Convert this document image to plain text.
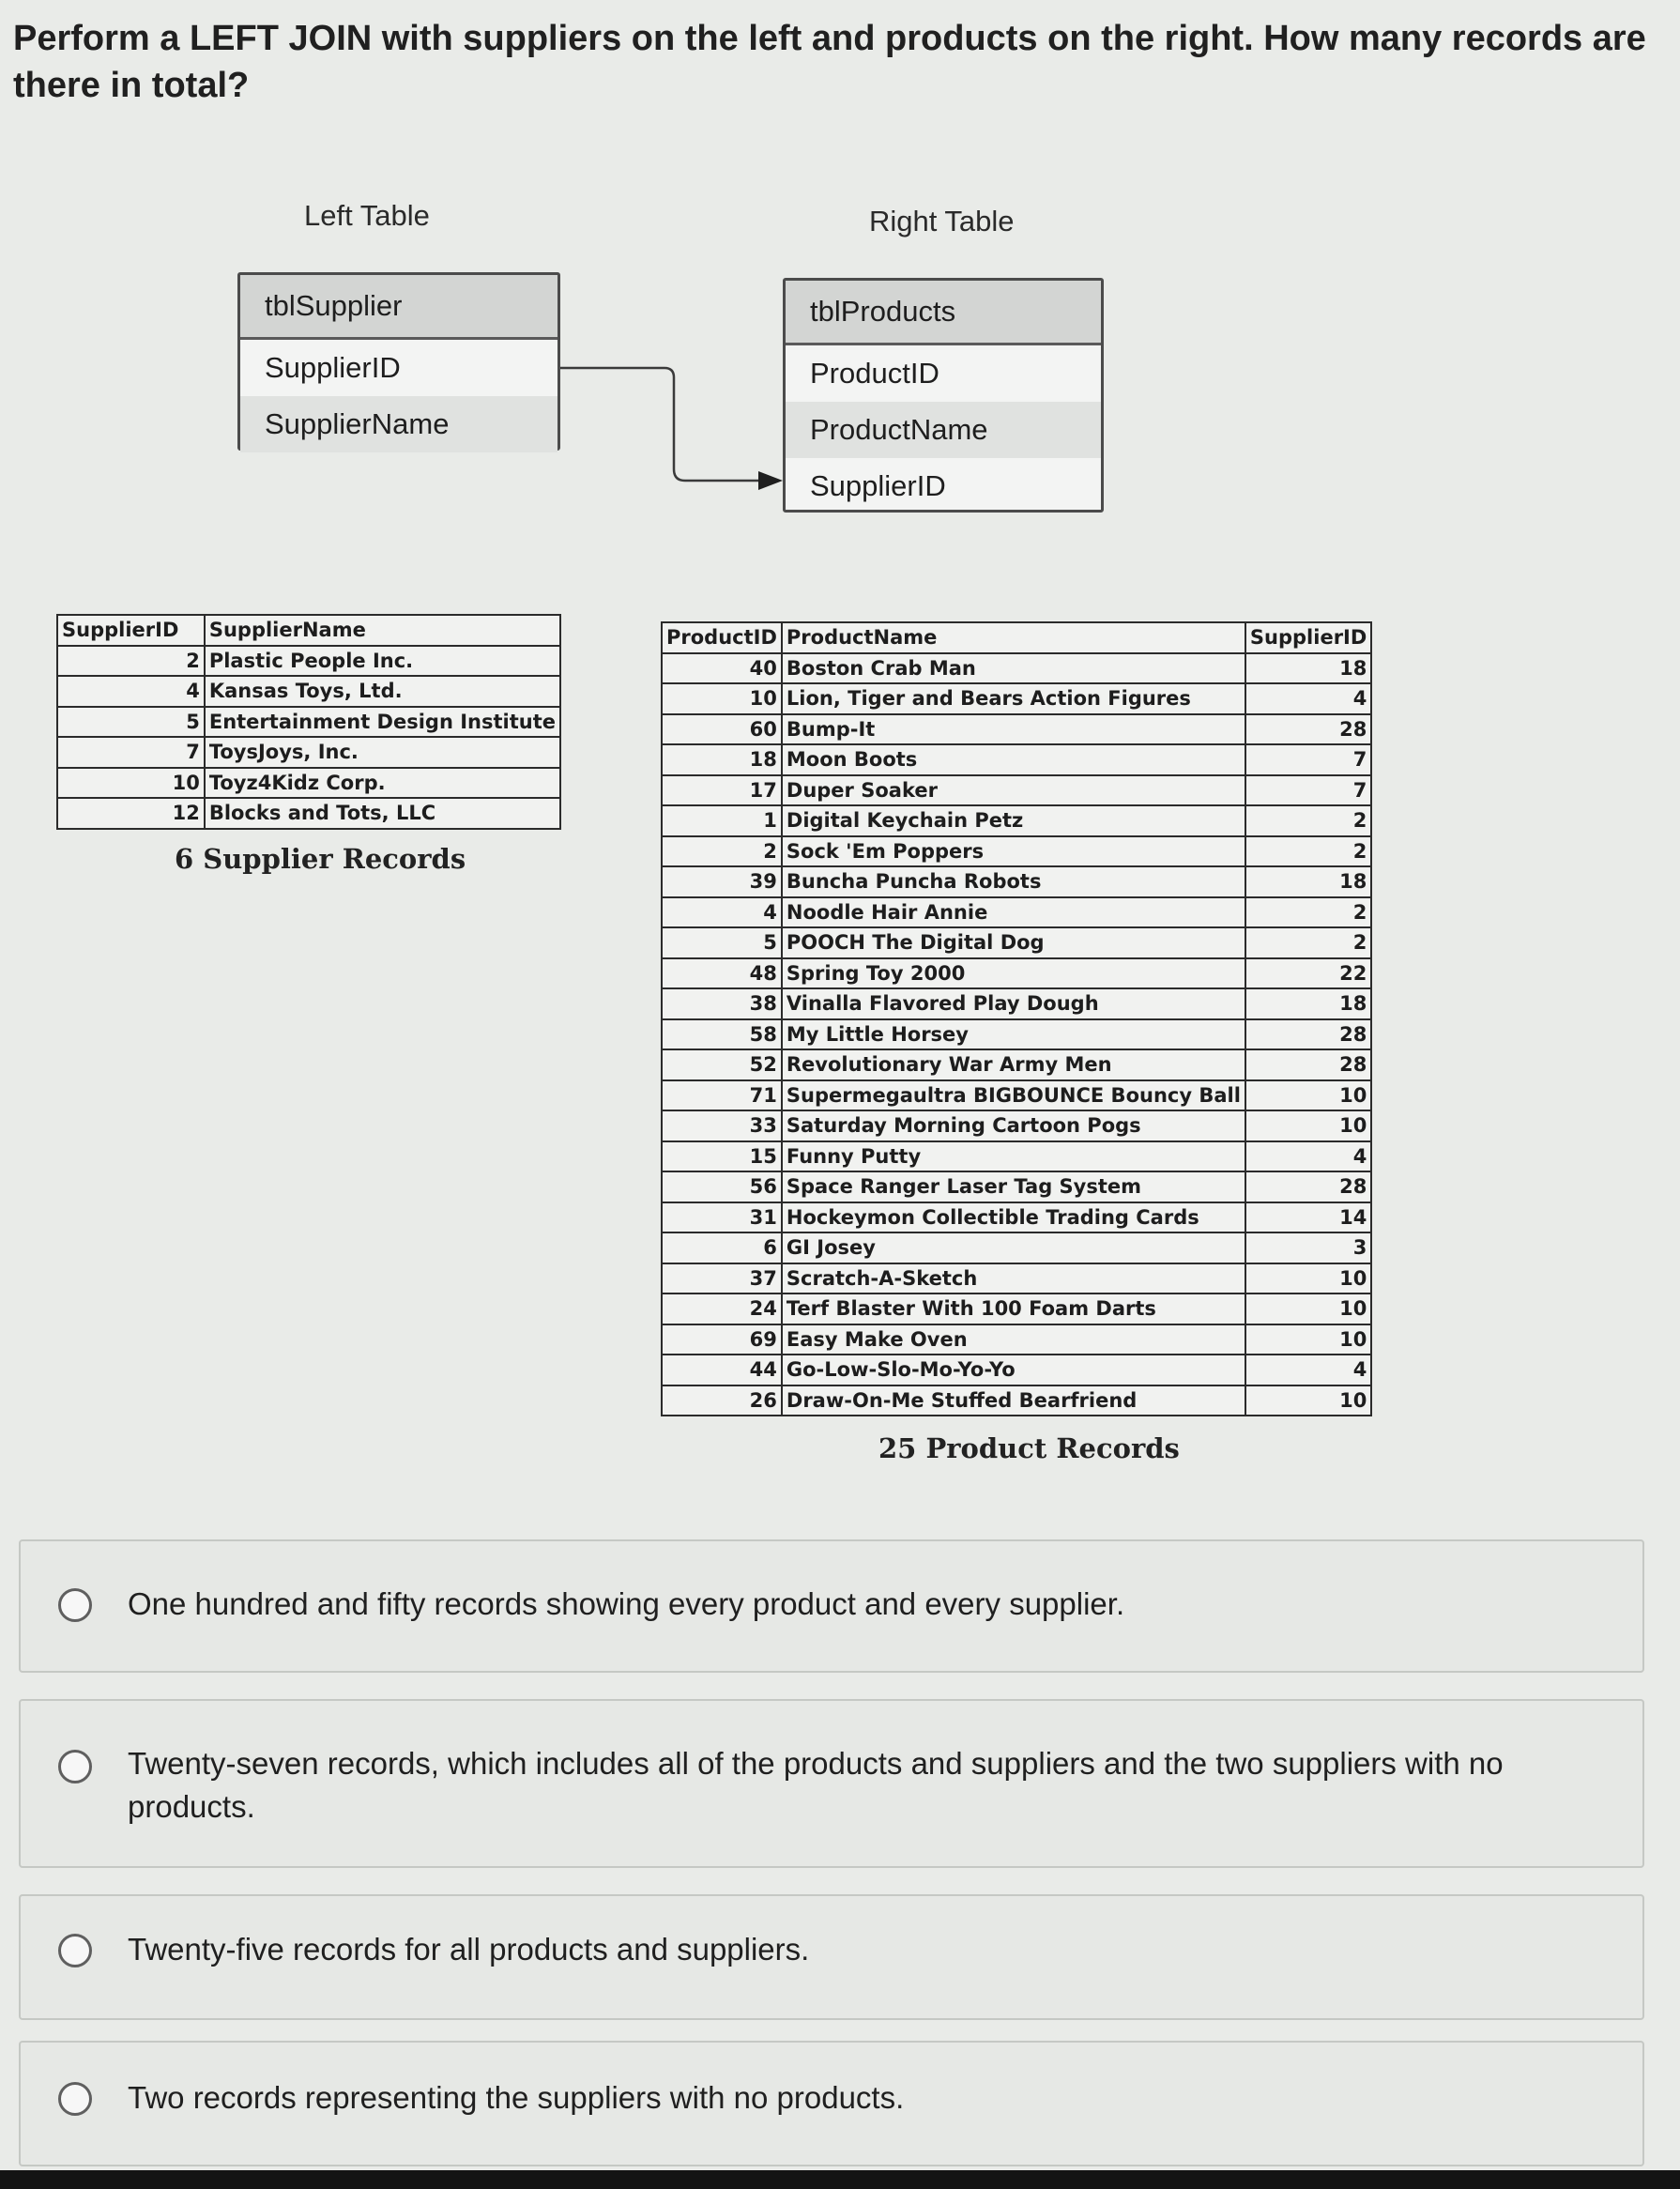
Perform a LEFT JOIN with suppliers on the left and products on the right. How many records are there in total?
Left Table	Right Table
tblSupplier
SupplierID
SupplierName
tblProducts
ProductID
ProductName
SupplierID
SupplierID	SupplierName
2	Plastic People Inc.
4	Kansas Toys, Ltd.
5	Entertainment Design Institute
7	ToysJoys, Inc.
10	Toyz4Kidz Corp.
12	Blocks and Tots, LLC
6 Supplier Records
ProductID	ProductName	SupplierID
40	Boston Crab Man	18
10	Lion, Tiger and Bears Action Figures	4
60	Bump-It	28
18	Moon Boots	7
17	Duper Soaker	7
1	Digital Keychain Petz	2
2	Sock 'Em Poppers	2
39	Buncha Puncha Robots	18
4	Noodle Hair Annie	2
5	POOCH The Digital Dog	2
48	Spring Toy 2000	22
38	Vinalla Flavored Play Dough	18
58	My Little Horsey	28
52	Revolutionary War Army Men	28
71	Supermegaultra BIGBOUNCE Bouncy Ball	10
33	Saturday Morning Cartoon Pogs	10
15	Funny Putty	4
56	Space Ranger Laser Tag System	28
31	Hockeymon Collectible Trading Cards	14
6	GI Josey	3
37	Scratch-A-Sketch	10
24	Terf Blaster With 100 Foam Darts	10
69	Easy Make Oven	10
44	Go-Low-Slo-Mo-Yo-Yo	4
26	Draw-On-Me Stuffed Bearfriend	10
25 Product Records
One hundred and fifty records showing every product and every supplier.
Twenty-seven records, which includes all of the products and suppliers and the two suppliers with no products.
Twenty-five records for all products and suppliers.
Two records representing the suppliers with no products.
